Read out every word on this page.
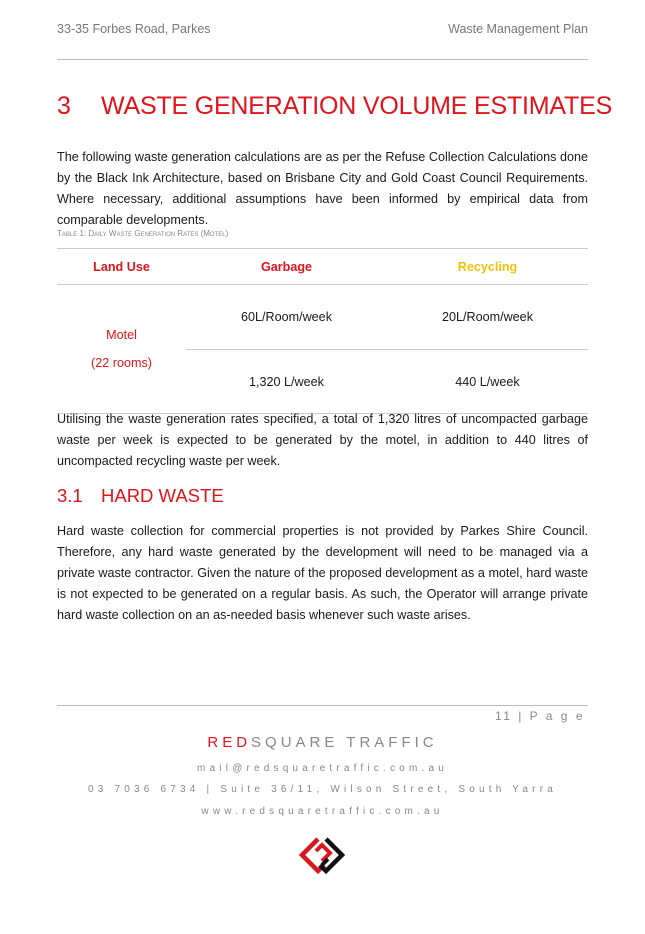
33-35 Forbes Road, Parkes	Waste Management Plan
3 WASTE GENERATION VOLUME ESTIMATES

The following waste generation calculations are as per the Refuse Collection Calculations done by the Black Ink Architecture, based on Brisbane City and Gold Coast Council Requirements. Where necessary, additional assumptions have been informed by empirical data from comparable developments.

Table 1: Daily Waste Generation Rates (Motel)
Land Use	Garbage	Recycling

Motel
(22 rooms)	60L/Room/week	20L/Room/week
	1,320 L/week	440 L/week

Utilising the waste generation rates specified, a total of 1,320 litres of uncompacted garbage waste per week is expected to be generated by the motel, in addition to 440 litres of uncompacted recycling waste per week.

3.1 HARD WASTE

Hard waste collection for commercial properties is not provided by Parkes Shire Council. Therefore, any hard waste generated by the development will need to be managed via a private waste contractor. Given the nature of the proposed development as a motel, hard waste is not expected to be generated on a regular basis. As such, the Operator will arrange private hard waste collection on an as-needed basis whenever such waste arises.

11 | P a g e
REDSQUARE TRAFFIC
mail@redsquaretraffic.com.au
03 7036 6734 | Suite 36/11, Wilson Street, South Yarra
www.redsquaretraffic.com.au
